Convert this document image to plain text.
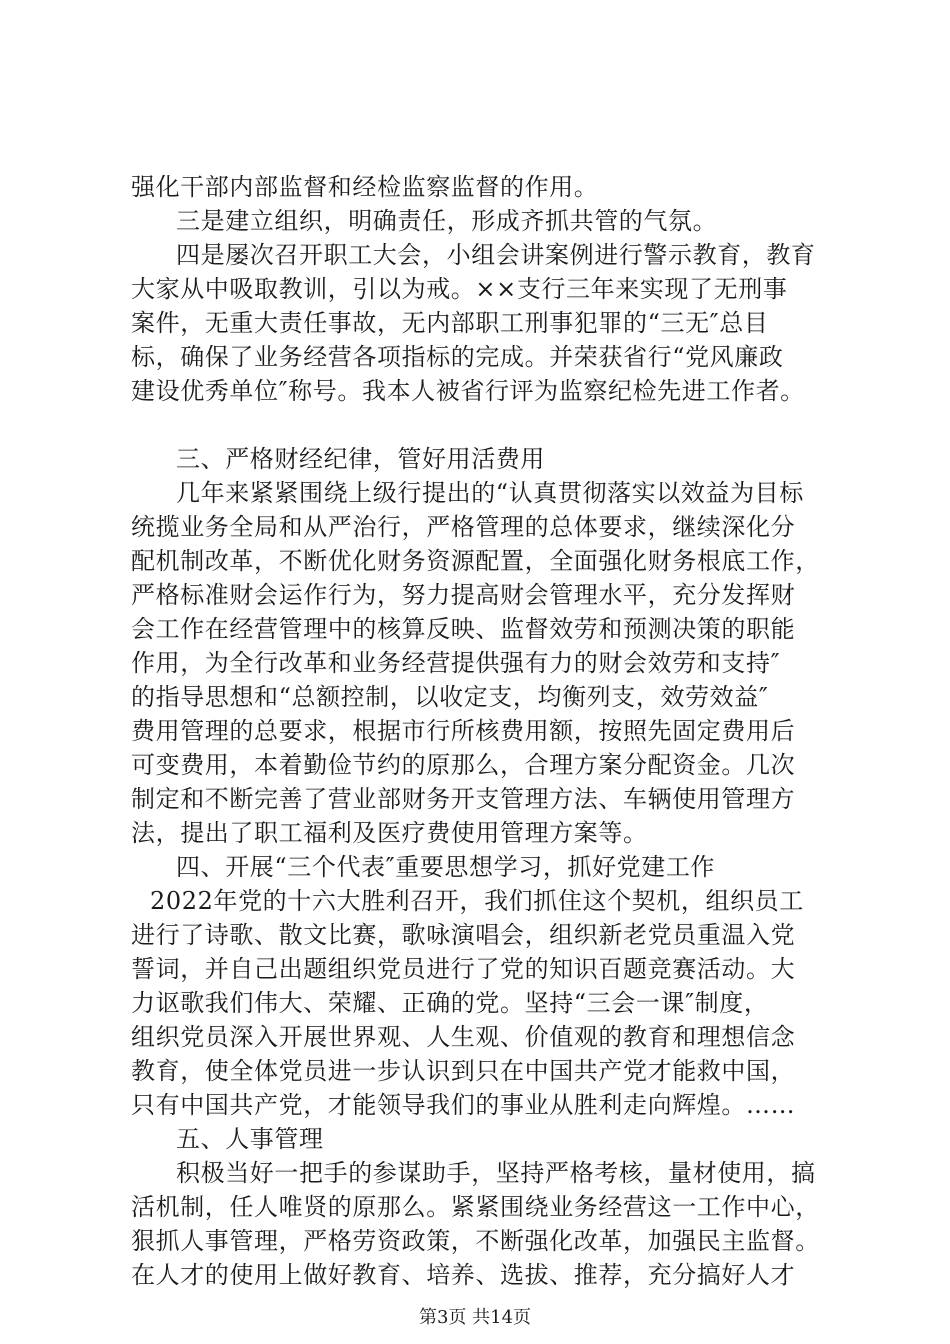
强化干部内部监督和经检监察监督的作用。
三是建立组织，明确责任，形成齐抓共管的气氛。
四是屡次召开职工大会，小组会讲案例进行警示教育，教育
大家从中吸取教训，引以为戒。××支行三年来实现了无刑事
案件，无重大责任事故，无内部职工刑事犯罪的“三无″总目
标，确保了业务经营各项指标的完成。并荣获省行“党风廉政
建设优秀单位″称号。我本人被省行评为监察纪检先进工作者。
三、严格财经纪律，管好用活费用
几年来紧紧围绕上级行提出的“认真贯彻落实以效益为目标
统揽业务全局和从严治行，严格管理的总体要求，继续深化分
配机制改革，不断优化财务资源配置，全面强化财务根底工作，
严格标准财会运作行为，努力提高财会管理水平，充分发挥财
会工作在经营管理中的核算反映、监督效劳和预测决策的职能
作用，为全行改革和业务经营提供强有力的财会效劳和支持″
的指导思想和“总额控制，以收定支，均衡列支，效劳效益″
费用管理的总要求，根据市行所核费用额，按照先固定费用后
可变费用，本着勤俭节约的原那么，合理方案分配资金。几次
制定和不断完善了营业部财务开支管理方法、车辆使用管理方
法，提出了职工福利及医疗费使用管理方案等。
四、开展“三个代表″重要思想学习，抓好党建工作
2022年党的十六大胜利召开，我们抓住这个契机，组织员工
进行了诗歌、散文比赛，歌咏演唱会，组织新老党员重温入党
誓词，并自己出题组织党员进行了党的知识百题竞赛活动。大
力讴歌我们伟大、荣耀、正确的党。坚持“三会一课″制度，
组织党员深入开展世界观、人生观、价值观的教育和理想信念
教育，使全体党员进一步认识到只在中国共产党才能救中国，
只有中国共产党，才能领导我们的事业从胜利走向辉煌。……
五、人事管理
积极当好一把手的参谋助手，坚持严格考核，量材使用，搞
活机制，任人唯贤的原那么。紧紧围绕业务经营这一工作中心，
狠抓人事管理，严格劳资政策，不断强化改革，加强民主监督。
在人才的使用上做好教育、培养、选拔、推荐，充分搞好人才
第3页 共14页
